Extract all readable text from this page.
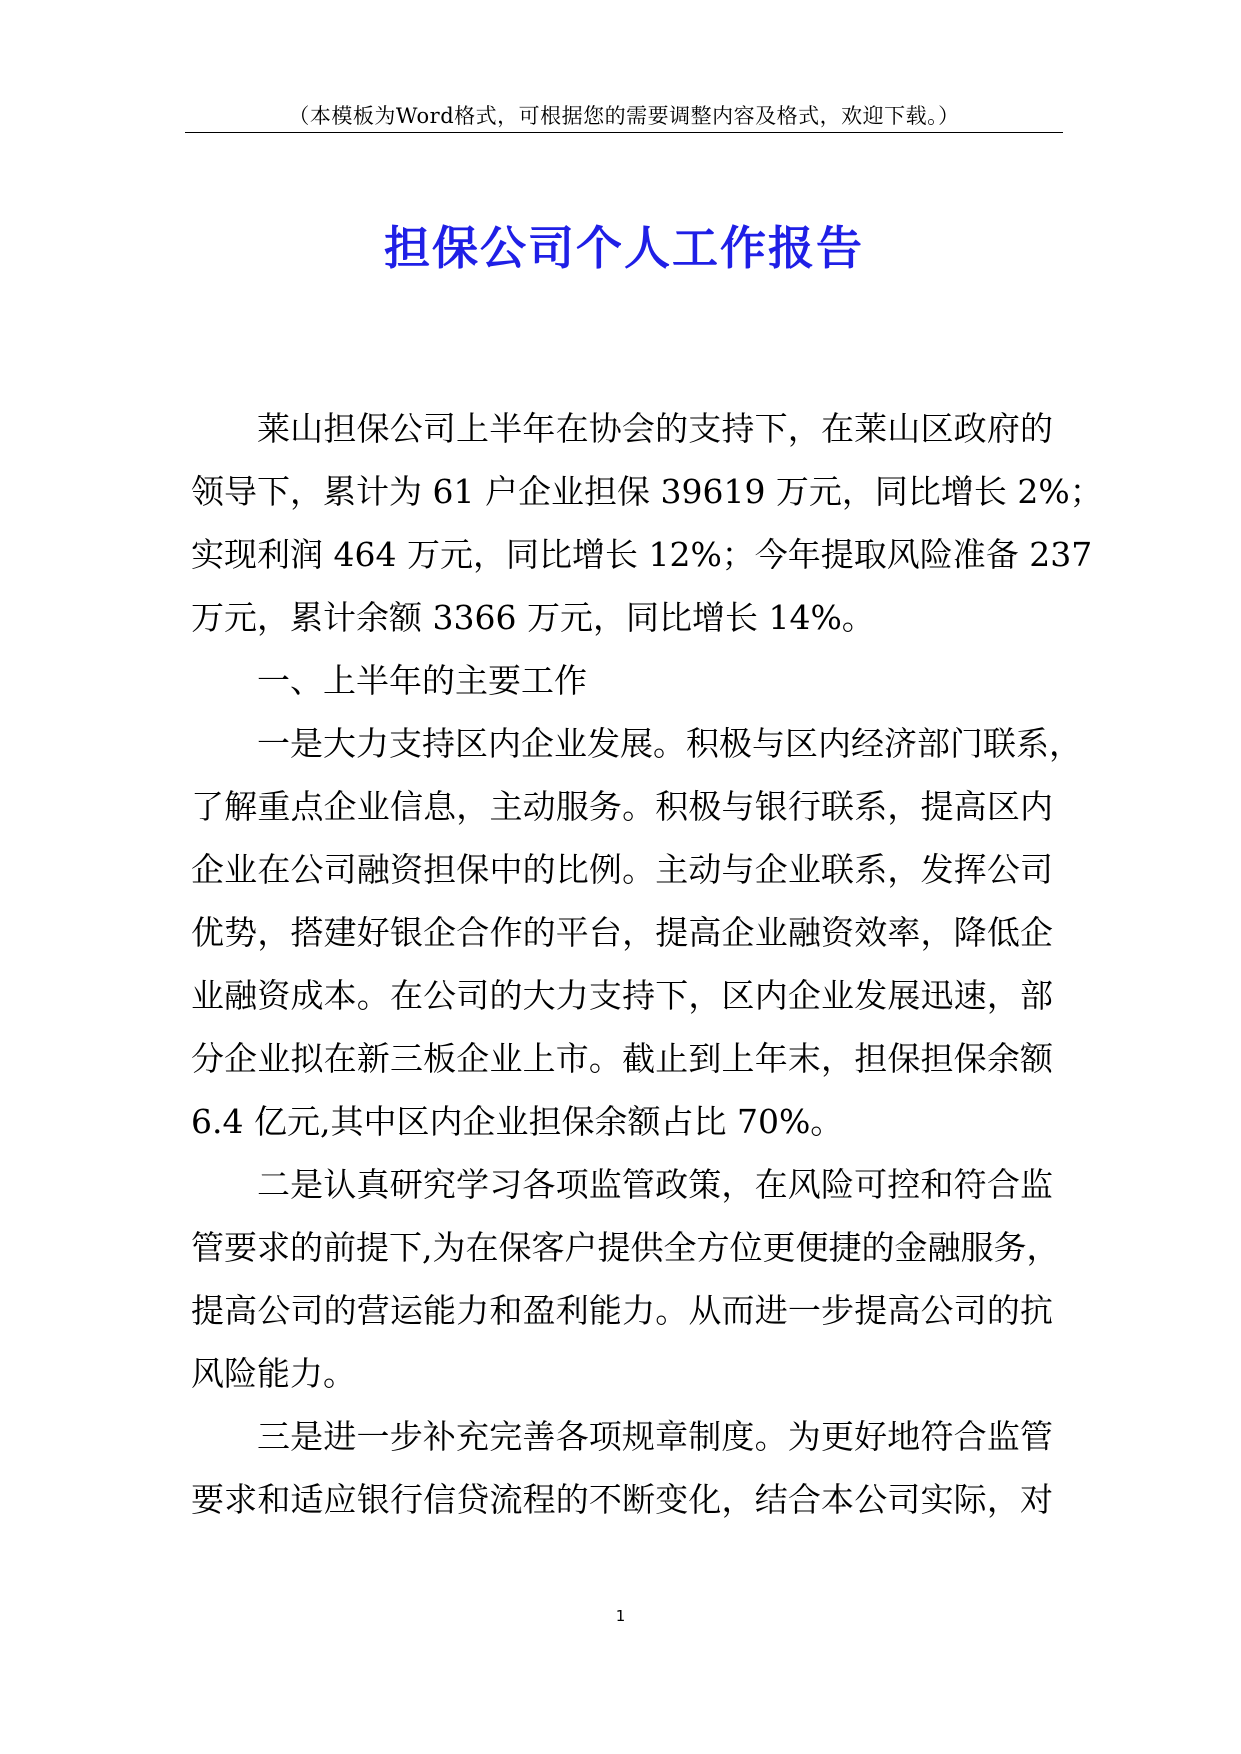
（本模板为Word格式，可根据您的需要调整内容及格式，欢迎下载。）
担保公司个人工作报告
莱山担保公司上半年在协会的支持下，在莱山区政府的
领导下，累计为 61 户企业担保 39619 万元，同比增长 2%；
实现利润 464 万元，同比增长 12%；今年提取风险准备 237
万元，累计余额 3366 万元，同比增长 14%。
一、上半年的主要工作
一是大力支持区内企业发展。积极与区内经济部门联系，
了解重点企业信息，主动服务。积极与银行联系，提高区内
企业在公司融资担保中的比例。主动与企业联系，发挥公司
优势，搭建好银企合作的平台，提高企业融资效率，降低企
业融资成本。在公司的大力支持下，区内企业发展迅速，部
分企业拟在新三板企业上市。截止到上年末，担保担保余额
6.4 亿元,其中区内企业担保余额占比 70%。
二是认真研究学习各项监管政策，在风险可控和符合监
管要求的前提下,为在保客户提供全方位更便捷的金融服务，
提高公司的营运能力和盈利能力。从而进一步提高公司的抗
风险能力。
三是进一步补充完善各项规章制度。为更好地符合监管
要求和适应银行信贷流程的不断变化，结合本公司实际，对
1
